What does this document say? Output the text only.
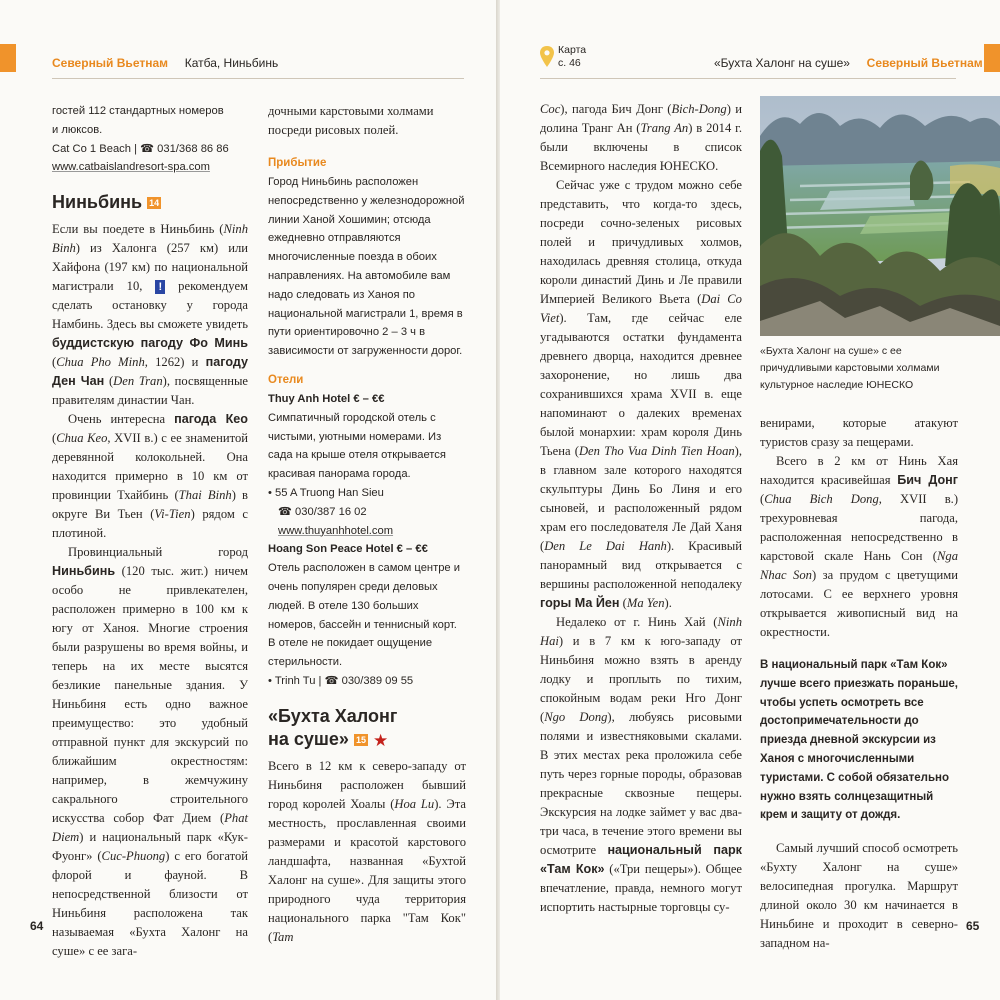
Северный Вьетнам Катба, Ниньбинь
гостей 112 стандартных номеров
и люксов.
Cat Co 1 Beach | ☎ 031/368 86 86
www.catbaislandresort-spa.com
Ниньбинь 14

Если вы поедете в Ниньбинь (Ninh Binh) из Халонга (257 км) или Хайфона (197 км) по национальной магистрали 10, ! рекомендуем сделать остановку у города Намбинь. Здесь вы сможете увидеть буддистскую пагоду Фо Минь (Chua Pho Minh, 1262) и пагоду Ден Чан (Den Tran), посвященные правителям династии Чан.

Очень интересна пагода Кео (Chua Keo, XVII в.) с ее знаменитой деревянной колокольней. Она находится примерно в 10 км от провинции Тхайбинь (Thai Binh) в округе Ви Тьен (Vi-Tien) рядом с плотиной.

Провинциальный город Ниньбинь (120 тыс. жит.) ничем особо не привлекателен, расположен примерно в 100 км к югу от Ханоя. Многие строения были разрушены во время войны, и теперь на их месте высятся безликие панельные здания. У Ниньбиня есть одно важное преимущество: это удобный отправной пункт для экскурсий по ближайшим окрестностям: например, в жемчужину сакрального строительного искусства собор Фат Дием (Phat Diem) и национальный парк «Кук-Фуонг» (Cuc-Phuong) с его богатой флорой и фауной. В непосредственной близости от Ниньбиня расположена так называемая «Бухта Халонг на суше» с ее зага-

дочными карстовыми холмами посреди рисовых полей.

Прибытие
Город Ниньбинь расположен непосредственно у железнодорожной линии Ханой Хошимин; отсюда ежедневно отправляются многочисленные поезда в обоих направлениях. На автомобиле вам надо следовать из Ханоя по национальной магистрали 1, время в пути ориентировочно 2 – 3 ч в зависимости от загруженности дорог.
Отели
Thuy Anh Hotel € – €€
Симпатичный городской отель с чистыми, уютными номерами. Из сада на крыше отеля открывается красивая панорама города.
• 55 A Truong Han Sieu
☎ 030/387 16 02
www.thuyanhhotel.com
Hoang Son Peace Hotel € – €€
Отель расположен в самом центре и очень популярен среди деловых людей. В отеле 130 больших номеров, бассейн и теннисный корт. В отеле не покидает ощущение стерильности.
• Trinh Tu | ☎ 030/389 09 55
«Бухта Халонг на суше» 15 ★

Всего в 12 км к северо-западу от Ниньбиня расположен бывший город королей Хоалы (Hoa Lu). Эта местность, прославленная своими размерами и красотой карстового ландшафта, названная «Бухтой Халонг на суше». Для защиты этого природного чуда территория национального парка "Там Кок" (Tam

64
Карта
с. 46	«Бухта Халонг на суше» Северный Вьетнам

Coc), пагода Бич Донг (Bich-Dong) и долина Транг Ан (Trang An) в 2014 г. были включены в список Всемирного наследия ЮНЕСКО.

Сейчас уже с трудом можно себе представить, что когда-то здесь, посреди сочно-зеленых рисовых полей и причудливых холмов, находилась древняя столица, откуда короли династий Динь и Ле правили Империей Великого Вьета (Dai Co Viet). Там, где сейчас еле угадываются остатки фундамента древнего дворца, находится древнее захоронение, но лишь два сохранившихся храма XVII в. еще напоминают о далеких временах былой монархии: храм короля Динь Тьена (Den Tho Vua Dinh Tien Hoan), в главном зале которого находятся скульптуры Динь Бо Линя и его сыновей, и расположенный рядом храм его последователя Ле Дай Ханя (Den Le Dai Hanh). Красивый панорамный вид открывается с вершины расположенной неподалеку горы Ма Йен (Ma Yen).

Недалеко от г. Нинь Хай (Ninh Hai) и в 7 км к юго-западу от Ниньбиня можно взять в аренду лодку и проплыть по тихим, спокойным водам реки Нго Донг (Ngo Dong), любуясь рисовыми полями и известняковыми скалами. В этих местах река проложила себе путь через горные породы, образовав прекрасные сквозные пещеры. Экскурсия на лодке займет у вас два-три часа, в течение этого времени вы осмотрите национальный парк «Там Кок» («Три пещеры»). Общее впечатление, правда, немного могут испортить настырные торговцы су-

«Бухта Халонг на суше» с ее причудливыми карстовыми холмами культурное наследие ЮНЕСКО

венирами, которые атакуют туристов сразу за пещерами.

Всего в 2 км от Нинь Хая находится красивейшая Бич Донг (Chua Bich Dong, XVII в.) трехуровневая пагода, расположенная непосредственно в карстовой скале Нань Сон (Nga Nhac Son) за прудом с цветущими лотосами. С ее верхнего уровня открывается живописный вид на окрестности.

В национальный парк «Там Кок» лучше всего приезжать пораньше, чтобы успеть осмотреть все достопримечательности до приезда дневной экскурсии из Ханоя с многочисленными туристами. С собой обязательно нужно взять солнцезащитный крем и защиту от дождя.

Самый лучший способ осмотреть «Бухту Халонг на суше» велосипедная прогулка. Маршрут длиной около 30 км начинается в Ниньбине и проходит в северно-западном на-

65
